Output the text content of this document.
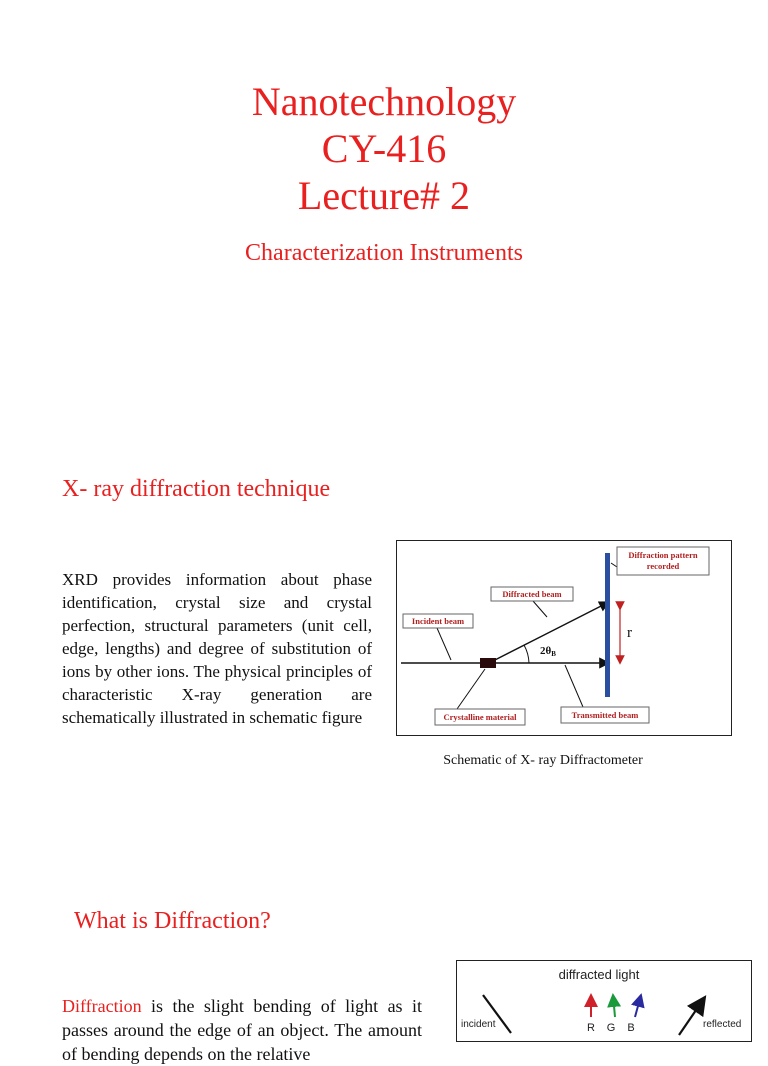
Nanotechnology
CY-416
Lecture# 2
Characterization Instruments
X- ray diffraction technique
XRD provides information about phase identification, crystal size and crystal perfection, structural parameters (unit cell, edge, lengths) and degree of substitution of ions by other ions. The physical principles of characteristic X-ray generation are schematically illustrated in schematic figure
r
2θB
Diffraction pattern
recorded
Diffracted beam
Incident beam
Crystalline material	Transmitted beam
Schematic of X- ray Diffractometer
What is Diffraction?
Diffraction is the slight bending of light as it passes around the edge of an object. The amount of bending depends on the relative
diffracted light
R G B
incident	reflected
